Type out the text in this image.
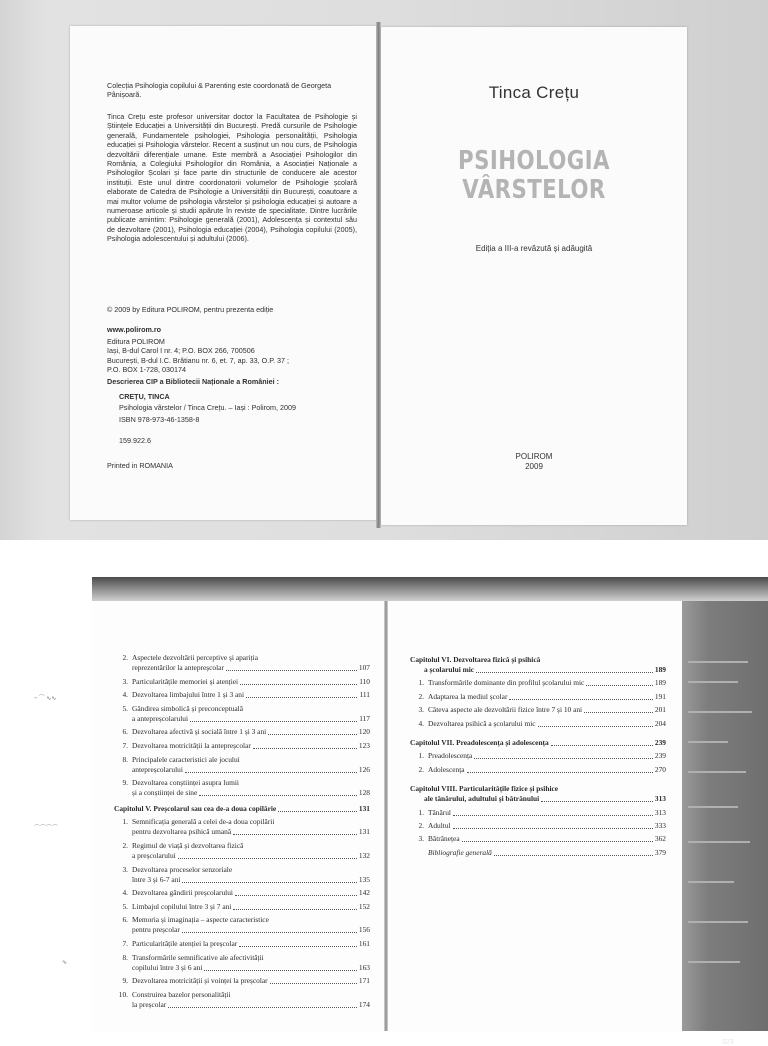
Colecția Psihologia copilului & Parenting este coordonată de Georgeta Pânișoară.
Tinca Crețu este profesor universitar doctor la Facultatea de Psihologie și Științele Educației a Universității din București. Predă cursurile de Psihologie generală, Fundamentele psihologiei, Psihologia personalității, Psihologia educației și Psihologia vârstelor. Recent a susținut un nou curs, de Psihologia dezvoltării diferențiale umane. Este membră a Asociației Psihologilor din România, a Colegiului Psihologilor din România, a Asociației Naționale a Psihologilor Școlari și face parte din structurile de conducere ale acestor instituții. Este unul dintre coordonatorii volumelor de Psihologie școlară elaborate de Catedra de Psihologie a Universității din București, coautoare a mai multor volume de psihologia vârstelor și psihologia educației și autoare a numeroase articole și studii apărute în reviste de specialitate. Dintre lucrările publicate amintim: Psihologie generală (2001), Adolescența și contextul său de dezvoltare (2001), Psihologia educației (2004), Psihologia copilului (2005), Psihologia adolescentului și adultului (2006).
© 2009 by Editura POLIROM, pentru prezenta ediție
www.polirom.ro
Editura POLIROM
Iași, B-dul Carol I nr. 4; P.O. BOX 266, 700506
București, B-dul I.C. Brătianu nr. 6, et. 7, ap. 33, O.P. 37 ;
P.O. BOX 1-728, 030174
Descrierea CIP a Bibliotecii Naționale a României :
CREȚU, TINCA
Psihologia vârstelor / Tinca Crețu. – Iași : Polirom, 2009
ISBN 978-973-46-1358-8
159.922.6
Printed in ROMANIA
Tinca Crețu
PSIHOLOGIA
VÂRSTELOR
Ediția a III-a revăzută și adăugită
POLIROM
2009
~ ⌒ ∿∿
⌒⌒⌒⌒
∿
2. Aspectele dezvoltării perceptive și apariția
reprezentărilor la antepreșcolar	107
3. Particularitățile memoriei și atenției	110
4. Dezvoltarea limbajului între 1 și 3 ani	111
5. Gândirea simbolică și preconceptuală
a antepreșcolarului	117
6. Dezvoltarea afectivă și socială între 1 și 3 ani	120
7. Dezvoltarea motricității la antepreșcolar	123
8. Principalele caracteristici ale jocului
antepreșcolarului	126
9. Dezvoltarea conștiinței asupra lumii
și a conștiinței de sine	128
Capitolul V. Preșcolarul sau cea de-a doua copilărie	131
1. Semnificația generală a celei de-a doua copilării
pentru dezvoltarea psihică umană	131
2. Regimul de viață și dezvoltarea fizică
a preșcolarului	132
3. Dezvoltarea proceselor senzoriale
între 3 și 6-7 ani	135
4. Dezvoltarea gândirii preșcolarului	142
5. Limbajul copilului între 3 și 7 ani	152
6. Memoria și imaginația – aspecte caracteristice
pentru preșcolar	156
7. Particularitățile atenției la preșcolar	161
8. Transformările semnificative ale afectivității
copilului între 3 și 6 ani	163
9. Dezvoltarea motricității și voinței la preșcolar	171
10. Construirea bazelor personalității
la preșcolar	174
Capitolul VI. Dezvoltarea fizică și psihică
a școlarului mic	189
1. Transformările dominante din profilul școlarului mic	189
2. Adaptarea la mediul școlar	191
3. Câteva aspecte ale dezvoltării fizice între 7 și 10 ani	201
4. Dezvoltarea psihică a școlarului mic	204
Capitolul VII. Preadolescența și adolescența	239
1. Preadolescența	239
2. Adolescența	270
Capitolul VIII. Particularitățile fizice și psihice
ale tânărului, adultului și bătrânului	313
1. Tânărul	313
2. Adultul	333
3. Bătrânețea	362
Bibliografie generală	379
323
